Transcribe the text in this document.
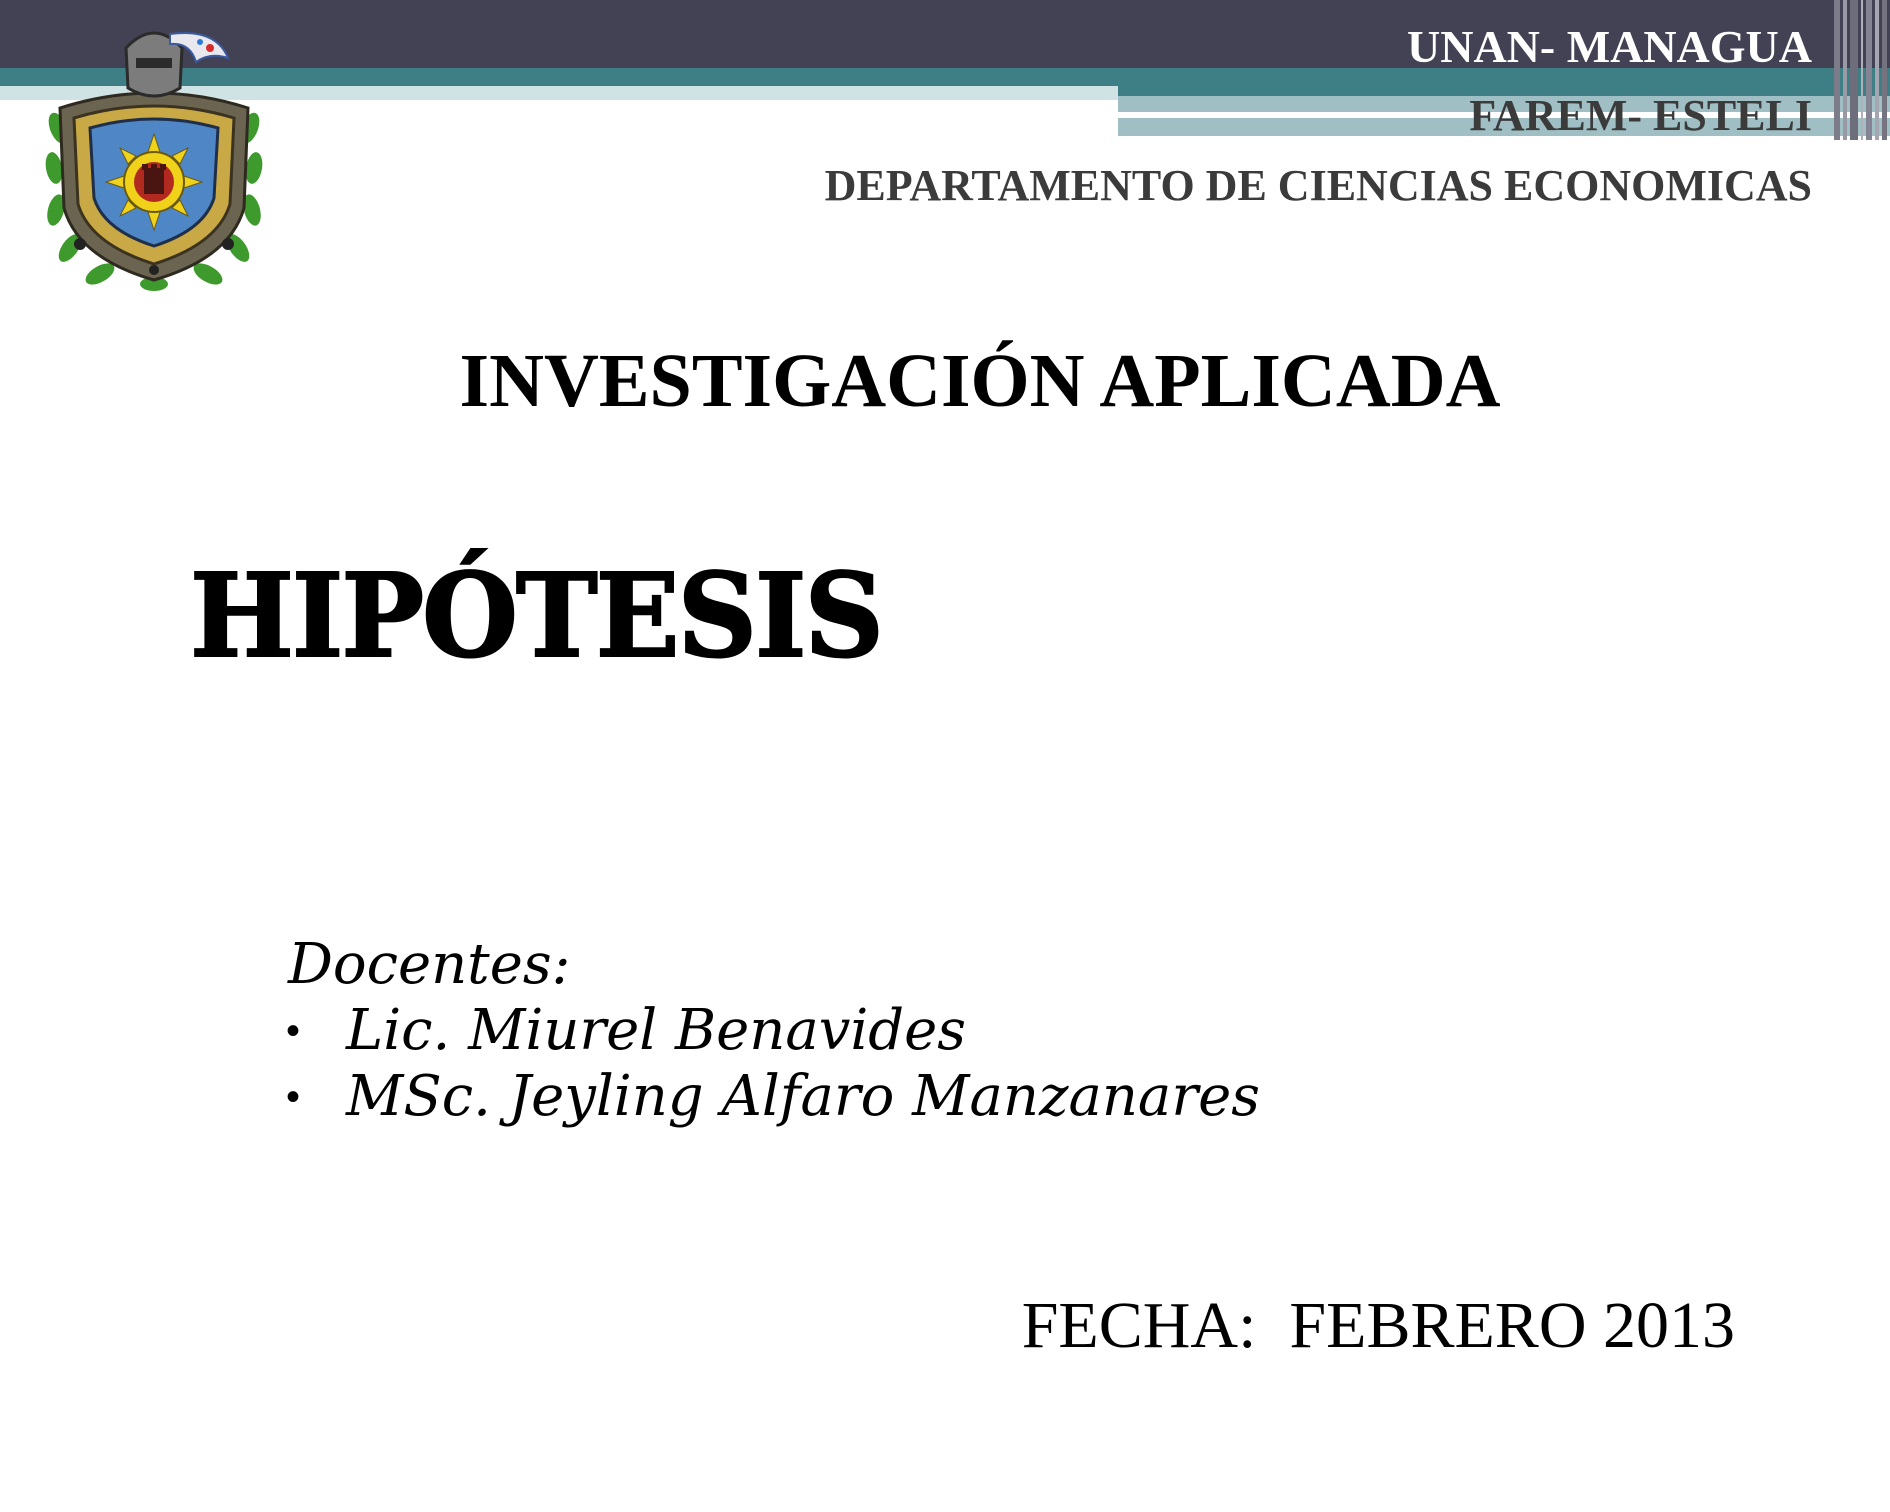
UNAN- MANAGUA

FAREM- ESTELI

DEPARTAMENTO DE CIENCIAS ECONOMICAS

INVESTIGACIÓN APLICADA

HIPÓTESIS

Docentes:

• Lic. Miurel Benavides
• MSc. Jeyling Alfaro Manzanares

FECHA: FEBRERO 2013
